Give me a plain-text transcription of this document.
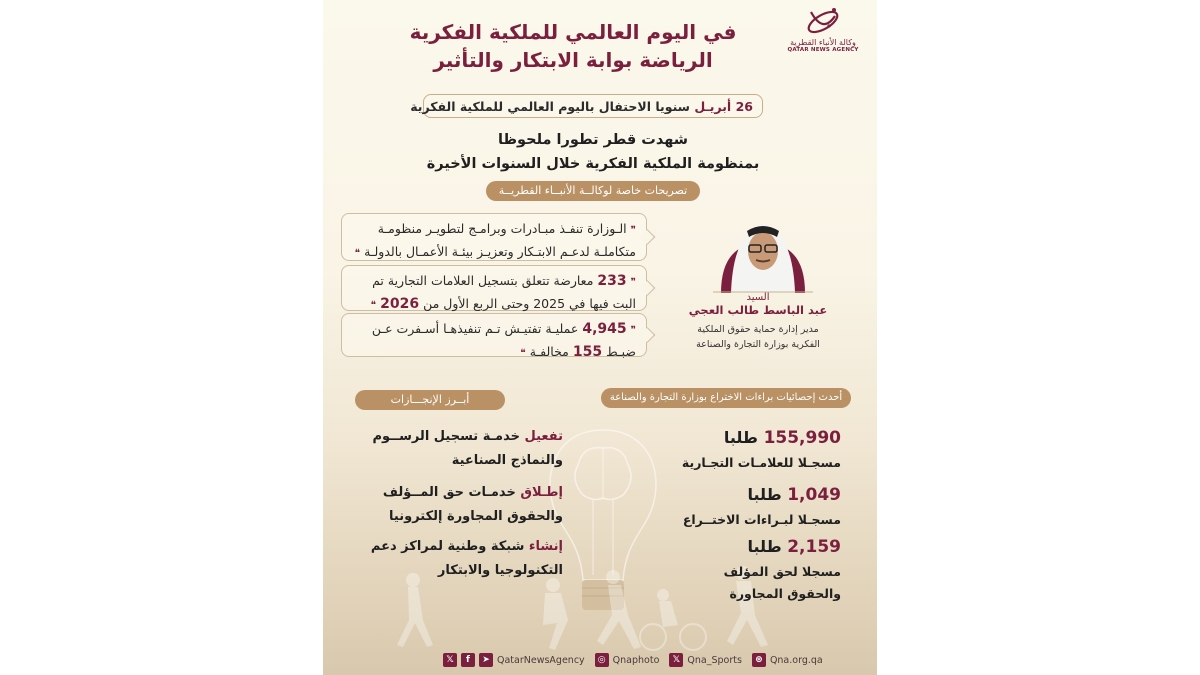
وكالة الأنباء القطرية
QATAR NEWS AGENCY
في اليوم العالمي للملكية الفكرية
الرياضة بوابة الابتكار والتأثير
26 أبريـل سنويا الاحتفال باليوم العالمي للملكية الفكرية
شهدت قطر تطورا ملحوظا
بمنظومة الملكية الفكرية خلال السنوات الأخيرة
تصريحات خاصة لوكالــة الأنبــاء القطريــة
❞ الـوزارة تنفـذ مبـادرات وبرامـج لتطويـر منظومـة متكاملـة لدعـم الابتـكار وتعزيـز بيئـة الأعمـال بالدولـة ❝
❞ 233 معارضة تتعلق بتسجيل العلامات التجارية تم البت فيها في 2025 وحتى الربع الأول من 2026 ❝
❞ 4,945 عمليـة تفتيـش تـم تنفيذهـا أسـفرت عـن ضبـط 155 مخالفـة ❝
السيد
عبد الباسط طالب العجي
مدير إدارة حماية حقوق الملكية
الفكرية بوزارة التجارة والصناعة
أحدث إحصائيات براءات الاختراع بوزارة التجارة والصناعة
أبــرز الإنجـــازات
155,990 طلبا
مسجـلا للعلامـات التجـارية
1,049 طلبا
مسجـلا لبـراءات الاختــراع
2,159 طلبا
مسجلا لحق المؤلف والحقوق المجاورة
تفعيل خدمـة تسجيل الرســوم والنماذج الصناعية
إطـلاق خدمـات حق المــؤلف والحقوق المجاورة إلكترونيا
إنشاء شبكة وطنية لمراكز دعم التكنولوجيا والابتكار
𝕏	f	➤ QatarNewsAgency	◎ Qnaphoto	𝕏 Qna_Sports	⊛ Qna.org.qa
